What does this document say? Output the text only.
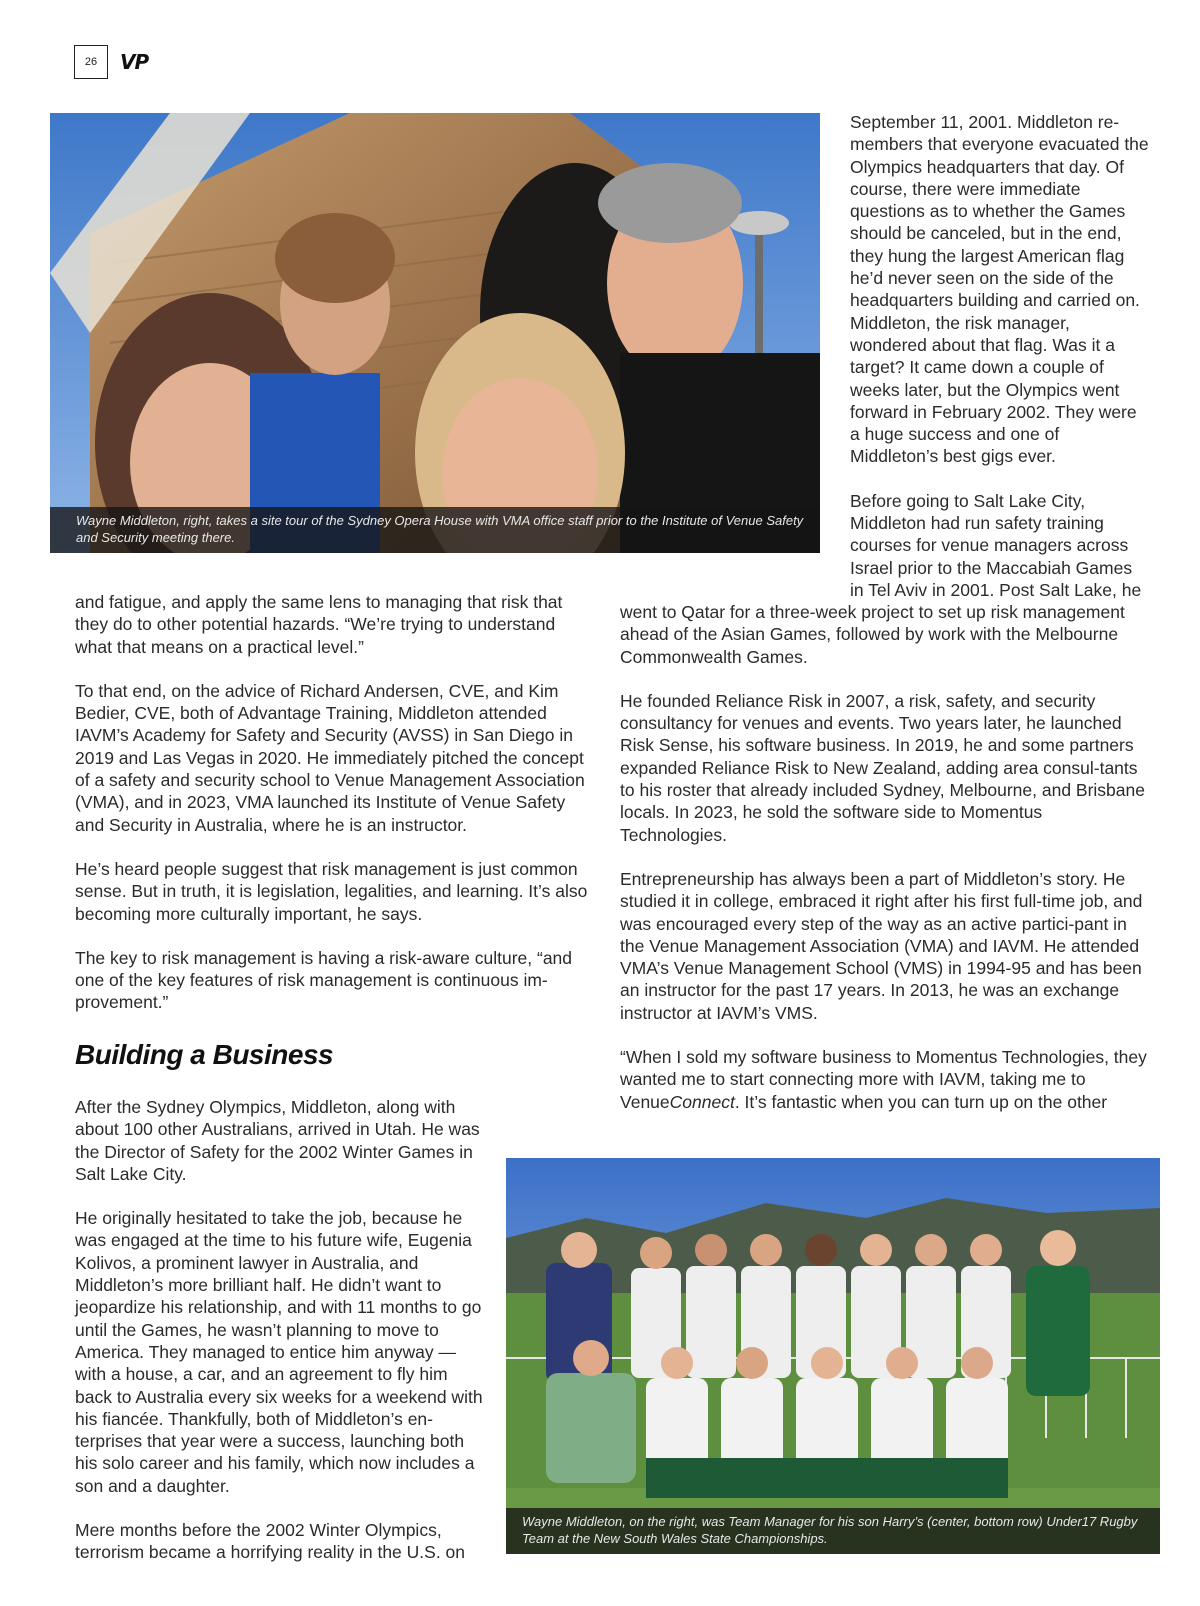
26	VP
Wayne Middleton, right, takes a site tour of the Sydney Opera House with VMA office staff prior to the Institute of Venue Safety and Security meeting there.

September 11, 2001. Middleton re-members that everyone evacuated the Olympics headquarters that day. Of course, there were immediate questions as to whether the Games should be canceled, but in the end, they hung the largest American flag he’d never seen on the side of the headquarters building and carried on. Middleton, the risk manager, wondered about that flag. Was it a target? It came down a couple of weeks later, but the Olympics went forward in February 2002. They were a huge success and one of Middleton’s best gigs ever.

Before going to Salt Lake City, Middleton had run safety training courses for venue managers across Israel prior to the Maccabiah Games in Tel Aviv in 2001. Post Salt Lake, he

went to Qatar for a three-week project to set up risk management ahead of the Asian Games, followed by work with the Melbourne Commonwealth Games.

He founded Reliance Risk in 2007, a risk, safety, and security consultancy for venues and events. Two years later, he launched Risk Sense, his software business. In 2019, he and some partners expanded Reliance Risk to New Zealand, adding area consul-tants to his roster that already included Sydney, Melbourne, and Brisbane locals. In 2023, he sold the software side to Momentus Technologies.

Entrepreneurship has always been a part of Middleton’s story. He studied it in college, embraced it right after his first full-time job, and was encouraged every step of the way as an active partici-pant in the Venue Management Association (VMA) and IAVM. He attended VMA’s Venue Management School (VMS) in 1994-95 and has been an instructor for the past 17 years. In 2013, he was an exchange instructor at IAVM’s VMS.

“When I sold my software business to Momentus Technologies, they wanted me to start connecting more with IAVM, taking me to VenueConnect. It’s fantastic when you can turn up on the other

and fatigue, and apply the same lens to managing that risk that they do to other potential hazards. “We’re trying to understand what that means on a practical level.”

To that end, on the advice of Richard Andersen, CVE, and Kim Bedier, CVE, both of Advantage Training, Middleton attended IAVM’s Academy for Safety and Security (AVSS) in San Diego in 2019 and Las Vegas in 2020. He immediately pitched the concept of a safety and security school to Venue Management Association (VMA), and in 2023, VMA launched its Institute of Venue Safety and Security in Australia, where he is an instructor.

He’s heard people suggest that risk management is just common sense. But in truth, it is legislation, legalities, and learning. It’s also becoming more culturally important, he says.

The key to risk management is having a risk-aware culture, “and one of the key features of risk management is continuous im-provement.”

Building a Business

After the Sydney Olympics, Middleton, along with about 100 other Australians, arrived in Utah. He was the Director of Safety for the 2002 Winter Games in Salt Lake City.

He originally hesitated to take the job, because he was engaged at the time to his future wife, Eugenia Kolivos, a prominent lawyer in Australia, and Middleton’s more brilliant half. He didn’t want to jeopardize his relationship, and with 11 months to go until the Games, he wasn’t planning to move to America. They managed to entice him anyway — with a house, a car, and an agreement to fly him back to Australia every six weeks for a weekend with his fiancée. Thankfully, both of Middleton’s en-terprises that year were a success, launching both his solo career and his family, which now includes a son and a daughter.

Mere months before the 2002 Winter Olympics, terrorism became a horrifying reality in the U.S. on

Wayne Middleton, on the right, was Team Manager for his son Harry’s (center, bottom row) Under17 Rugby Team at the New South Wales State Championships.
